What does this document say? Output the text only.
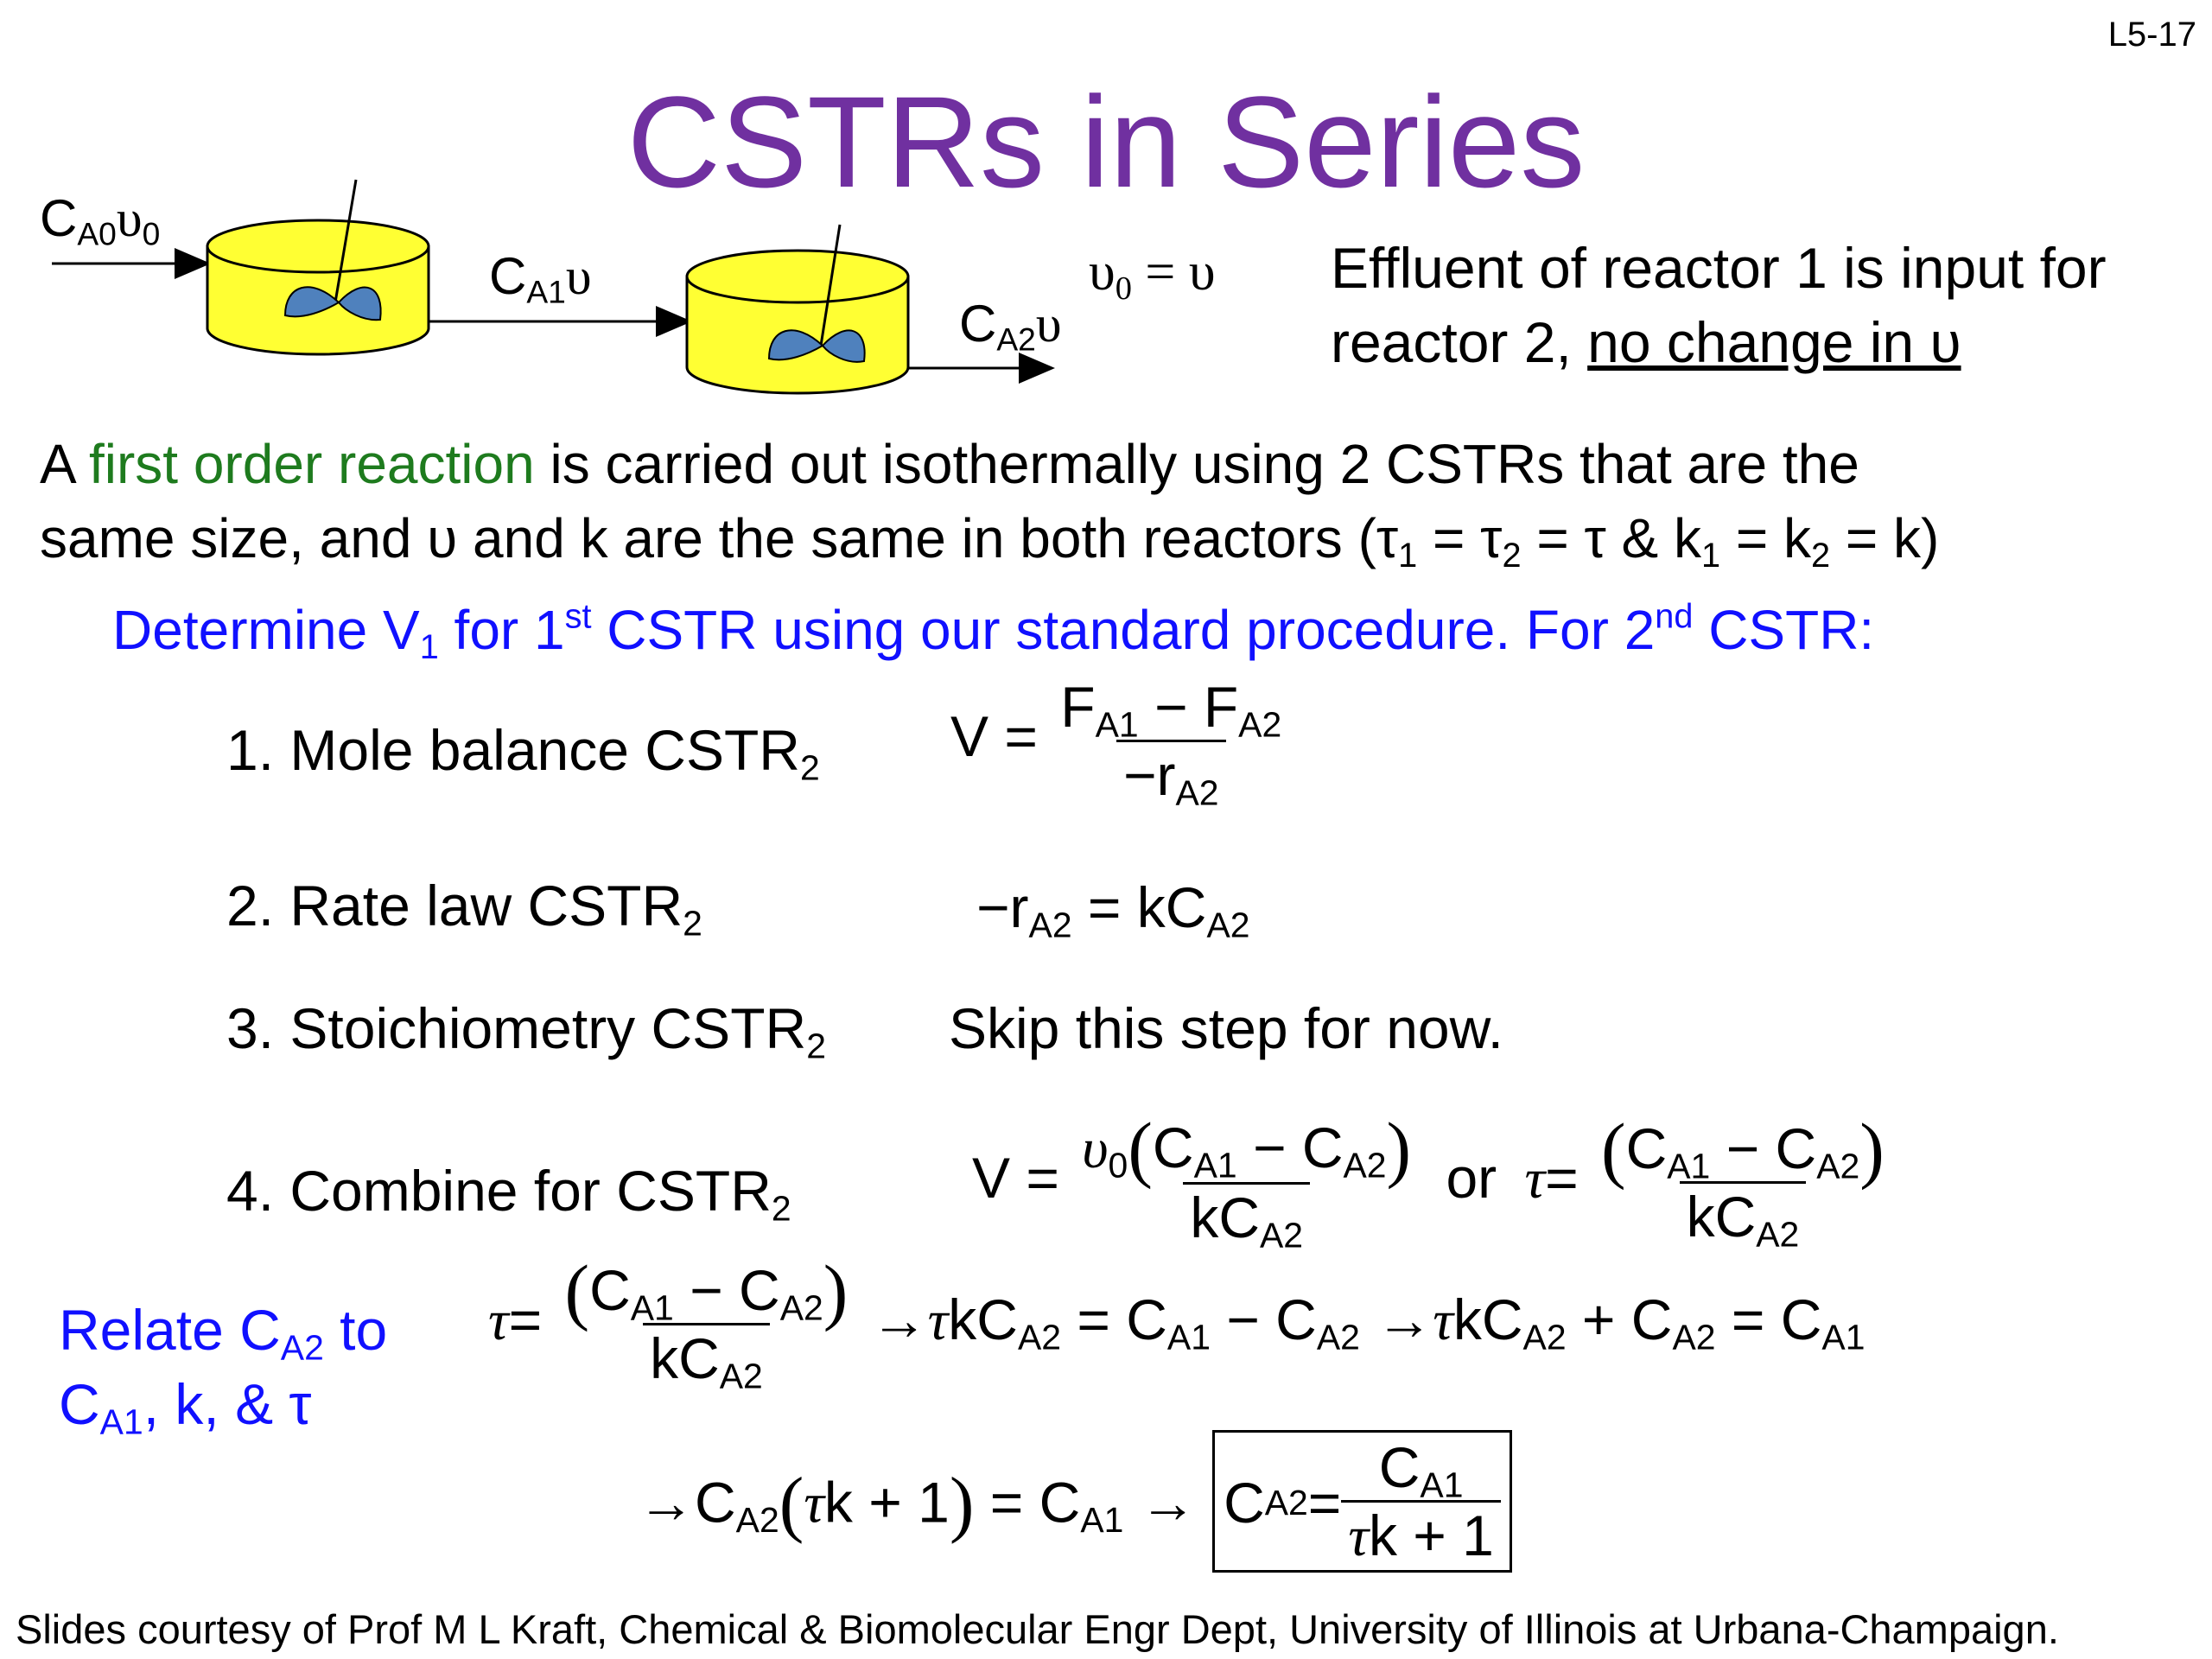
L5-17
CSTRs in Series
$C_{A0}\upsilon_0$
$C_{A1}\upsilon$
$C_{A2}\upsilon$
$\upsilon_0 = \upsilon$ Effluent of reactor 1 is input for
reactor 2, no change in υ
A first order reaction is carried out isothermally using 2 CSTRs that are the
same size, and υ and k are the same in both reactors ($\tau_1 = \tau_2 = \tau$ & $k_1 = k_2 = k$)
Determine $V_1$ for 1st CSTR using our standard procedure. For 2nd CSTR:
1. Mole balance $CSTR_2$ $V = \frac{F_{A1} - F_{A2}}{-r_{A2}}$
2. Rate law $CSTR_2$	$-r_{A2} = kC_{A2}$
3. Stoichiometry $CSTR_2$ Skip this step for now.
4. Combine for $CSTR_2$	$V = \frac{\upsilon_0(C_{A1} - C_{A2})}{kC_{A2}}$ or $\tau= \frac{(C_{A1} - C_{A2})}{kC_{A2}}$
Relate $C_{A2}$ to
$C_{A1}$, k, & τ
$\tau= \frac{(C_{A1} - C_{A2})}{kC_{A2}} \to\tau kC_{A2} = C_{A1} - C_{A2} \to\tau kC_{A2} + C_{A2} = C_{A1}$
$\to C_{A2}(\tau k + 1) = C_{A1} \to C$ $A2 = \frac{C_{A1}}{\tau k + 1}$
Slides courtesy of Prof M L Kraft, Chemical & Biomolecular Engr Dept, University of Illinois at Urbana-Champaign.
